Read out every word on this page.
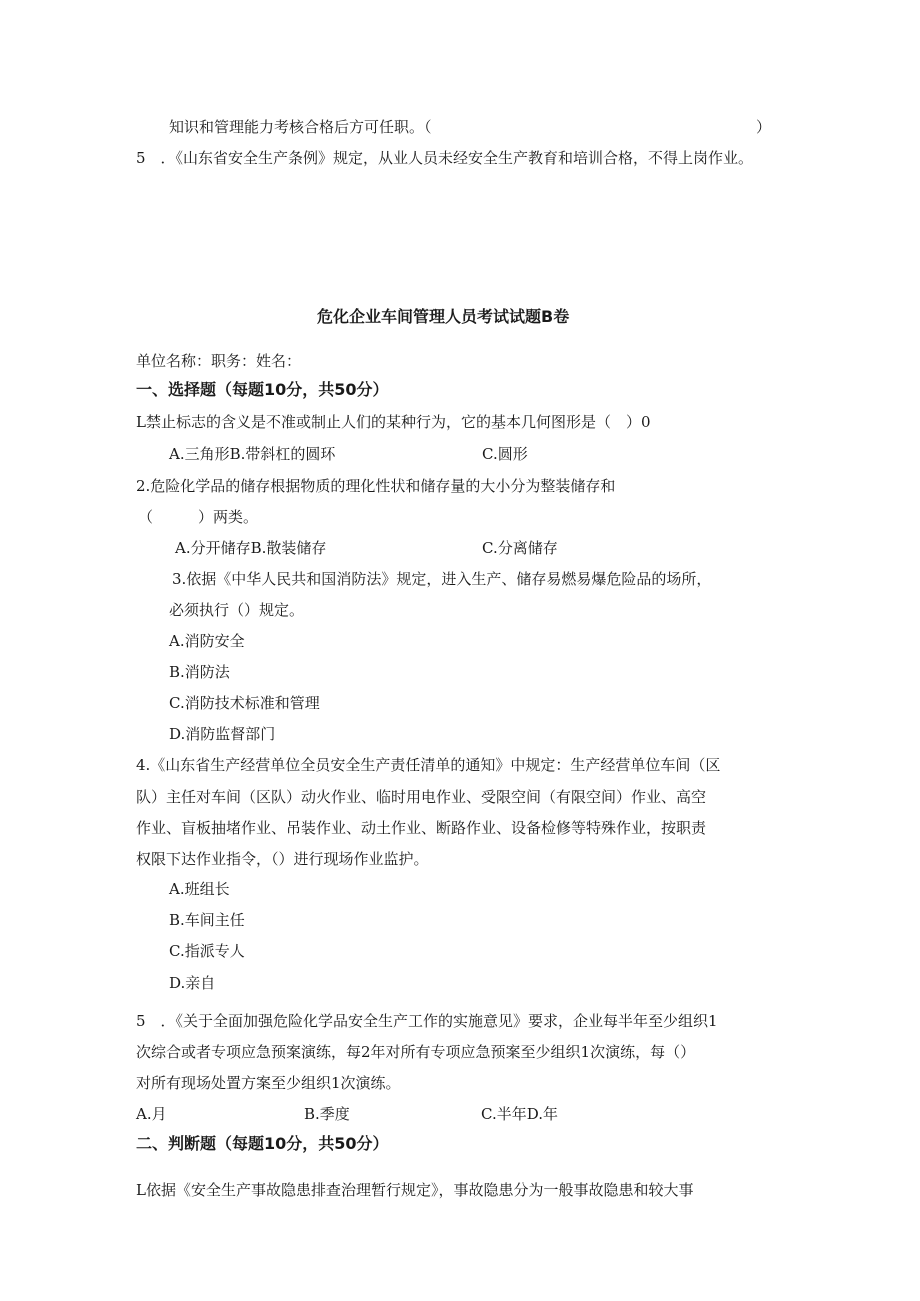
知识和管理能力考核合格后方可任职。（	）

5　．《山东省安全生产条例》规定，从业人员未经安全生产教育和培训合格，不得上岗作业。

危化企业车间管理人员考试试题B卷

单位名称：职务：姓名：

一、选择题（每题10分，共50分）

L禁止标志的含义是不准或制止人们的某种行为，它的基本几何图形是（　）0

A.三角形B.带斜杠的圆环	C.圆形

2.危险化学品的储存根据物质的理化性状和储存量的大小分为整装储存和

（　　　）两类。

A.分开储存B.散装储存	C.分离储存

3.依据《中华人民共和国消防法》规定，进入生产、储存易燃易爆危险品的场所，

必须执行（）规定。

A.消防安全

B.消防法

C.消防技术标准和管理

D.消防监督部门

4.《山东省生产经营单位全员安全生产责任清单的通知》中规定：生产经营单位车间（区

队）主任对车间（区队）动火作业、临时用电作业、受限空间（有限空间）作业、高空

作业、盲板抽堵作业、吊装作业、动土作业、断路作业、设备检修等特殊作业，按职责

权限下达作业指令，（）进行现场作业监护。

A.班组长

B.车间主任

C.指派专人

D.亲自

5　．《关于全面加强危险化学品安全生产工作的实施意见》要求，企业每半年至少组织1

次综合或者专项应急预案演练，每2年对所有专项应急预案至少组织1次演练，每（）

对所有现场处置方案至少组织1次演练。

A.月	B.季度	C.半年D.年

二、判断题（每题10分，共50分）

L依据《安全生产事故隐患排查治理暂行规定》，事故隐患分为一般事故隐患和较大事
